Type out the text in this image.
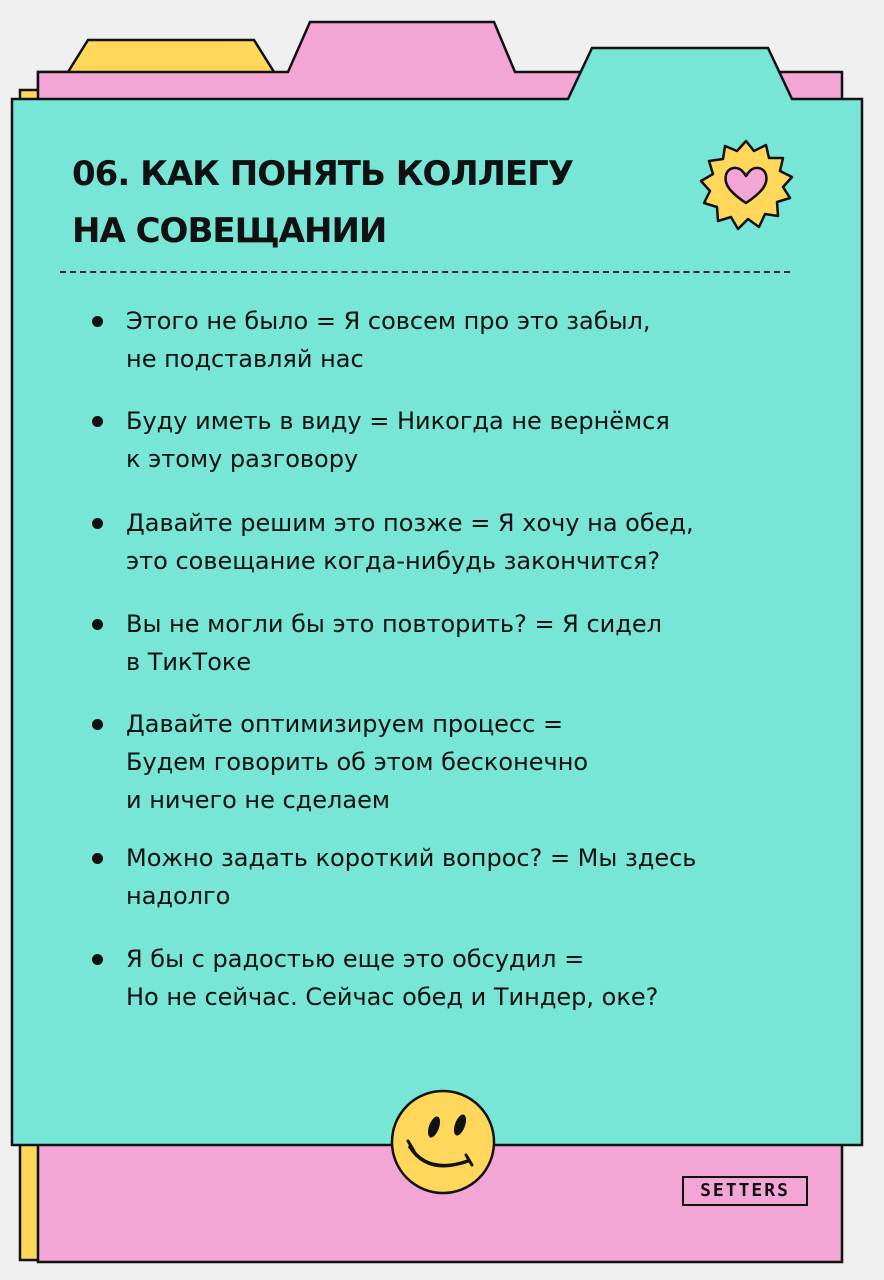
06. КАК ПОНЯТЬ КОЛЛЕГУ
НА СОВЕЩАНИИ
Этого не было = Я совсем про это забыл,
не подставляй нас
Буду иметь в виду = Никогда не вернёмся
к этому разговору
Давайте решим это позже = Я хочу на обед,
это совещание когда-нибудь закончится?
Вы не могли бы это повторить? = Я сидел
в ТикТоке
Давайте оптимизируем процесс =
Будем говорить об этом бесконечно
и ничего не сделаем
Можно задать короткий вопрос? = Мы здесь
надолго
Я бы с радостью еще это обсудил =
Но не сейчас. Сейчас обед и Тиндер, оке?
SETTERS
